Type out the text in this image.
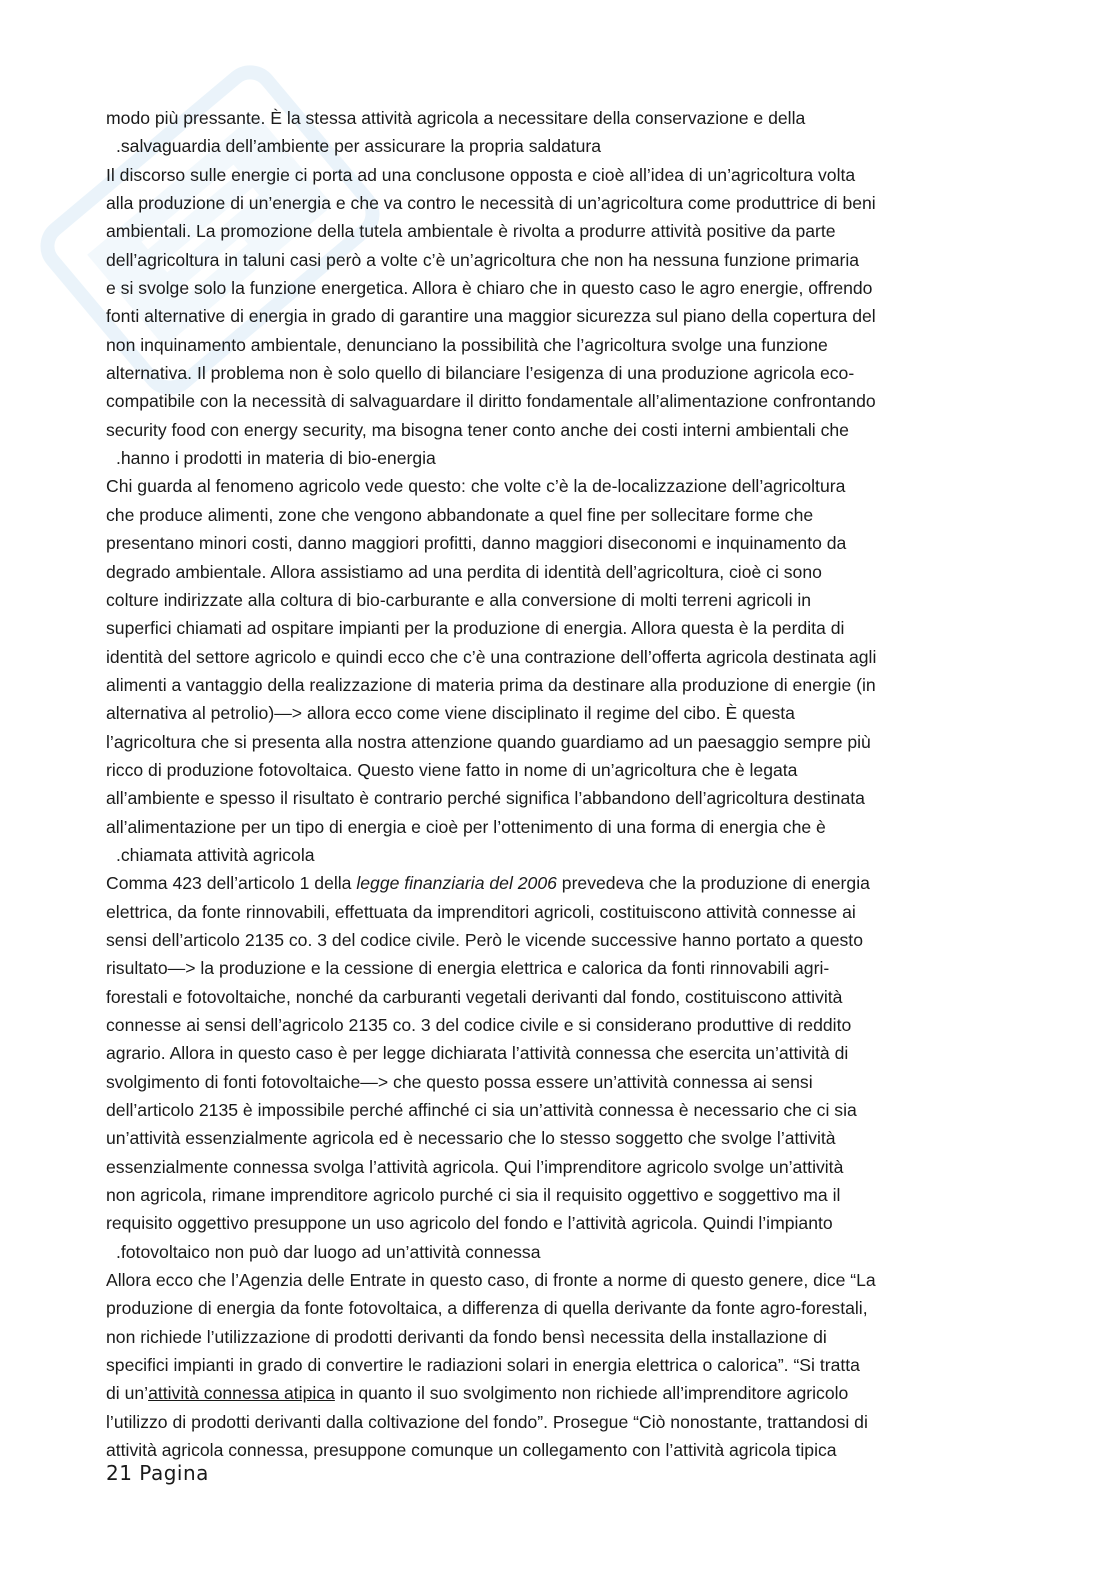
modo più pressante. È la stessa attività agricola a necessitare della conservazione e della
.salvaguardia dell’ambiente per assicurare la propria saldatura
Il discorso sulle energie ci porta ad una conclusone opposta e cioè all’idea di un’agricoltura volta
alla produzione di un’energia e che va contro le necessità di un’agricoltura come produttrice di beni
ambientali. La promozione della tutela ambientale è rivolta a produrre attività positive da parte
dell’agricoltura in taluni casi però a volte c’è un’agricoltura che non ha nessuna funzione primaria
e si svolge solo la funzione energetica. Allora è chiaro che in questo caso le agro energie, offrendo
fonti alternative di energia in grado di garantire una maggior sicurezza sul piano della copertura del
non inquinamento ambientale, denunciano la possibilità che l’agricoltura svolge una funzione
alternativa. Il problema non è solo quello di bilanciare l’esigenza di una produzione agricola eco-
compatibile con la necessità di salvaguardare il diritto fondamentale all’alimentazione confrontando
security food con energy security, ma bisogna tener conto anche dei costi interni ambientali che
.hanno i prodotti in materia di bio-energia
Chi guarda al fenomeno agricolo vede questo: che volte c’è la de-localizzazione dell’agricoltura
che produce alimenti, zone che vengono abbandonate a quel fine per sollecitare forme che
presentano minori costi, danno maggiori profitti, danno maggiori diseconomi e inquinamento da
degrado ambientale. Allora assistiamo ad una perdita di identità dell’agricoltura, cioè ci sono
colture indirizzate alla coltura di bio-carburante e alla conversione di molti terreni agricoli in
superfici chiamati ad ospitare impianti per la produzione di energia. Allora questa è la perdita di
identità del settore agricolo e quindi ecco che c’è una contrazione dell’offerta agricola destinata agli
alimenti a vantaggio della realizzazione di materia prima da destinare alla produzione di energie (in
alternativa al petrolio)—> allora ecco come viene disciplinato il regime del cibo. È questa
l’agricoltura che si presenta alla nostra attenzione quando guardiamo ad un paesaggio sempre più
ricco di produzione fotovoltaica. Questo viene fatto in nome di un’agricoltura che è legata
all’ambiente e spesso il risultato è contrario perché significa l’abbandono dell’agricoltura destinata
all’alimentazione per un tipo di energia e cioè per l’ottenimento di una forma di energia che è
.chiamata attività agricola
Comma 423 dell’articolo 1 della legge finanziaria del 2006 prevedeva che la produzione di energia
elettrica, da fonte rinnovabili, effettuata da imprenditori agricoli, costituiscono attività connesse ai
sensi dell’articolo 2135 co. 3 del codice civile. Però le vicende successive hanno portato a questo
risultato—> la produzione e la cessione di energia elettrica e calorica da fonti rinnovabili agri-
forestali e fotovoltaiche, nonché da carburanti vegetali derivanti dal fondo, costituiscono attività
connesse ai sensi dell’agricolo 2135 co. 3 del codice civile e si considerano produttive di reddito
agrario. Allora in questo caso è per legge dichiarata l’attività connessa che esercita un’attività di
svolgimento di fonti fotovoltaiche—> che questo possa essere un’attività connessa ai sensi
dell’articolo 2135 è impossibile perché affinché ci sia un’attività connessa è necessario che ci sia
un’attività essenzialmente agricola ed è necessario che lo stesso soggetto che svolge l’attività
essenzialmente connessa svolga l’attività agricola. Qui l’imprenditore agricolo svolge un’attività
non agricola, rimane imprenditore agricolo purché ci sia il requisito oggettivo e soggettivo ma il
requisito oggettivo presuppone un uso agricolo del fondo e l’attività agricola. Quindi l’impianto
.fotovoltaico non può dar luogo ad un’attività connessa
Allora ecco che l’Agenzia delle Entrate in questo caso, di fronte a norme di questo genere, dice “La
produzione di energia da fonte fotovoltaica, a differenza di quella derivante da fonte agro-forestali,
non richiede l’utilizzazione di prodotti derivanti da fondo bensì necessita della installazione di
specifici impianti in grado di convertire le radiazioni solari in energia elettrica o calorica”. “Si tratta
di un’attività connessa atipica in quanto il suo svolgimento non richiede all’imprenditore agricolo
l’utilizzo di prodotti derivanti dalla coltivazione del fondo”. Prosegue “Ciò nonostante, trattandosi di
attività agricola connessa, presuppone comunque un collegamento con l’attività agricola tipica
21 Pagina
